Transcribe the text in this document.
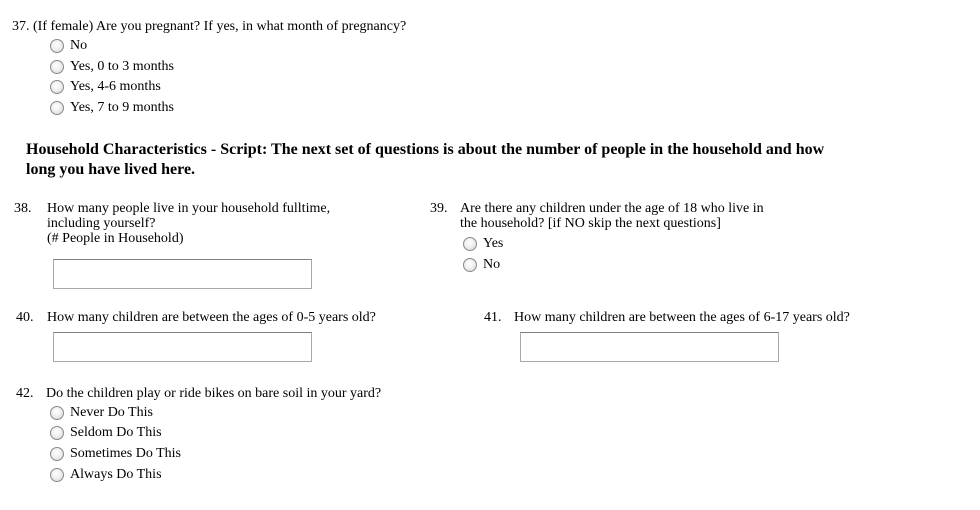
37. (If female) Are you pregnant? If yes, in what month of pregnancy?
No
Yes, 0 to 3 months
Yes, 4-6 months
Yes, 7 to 9 months
Household Characteristics - Script: The next set of questions is about the number of people in the household and how
long you have lived here.
38. How many people live in your household fulltime,
including yourself?
(# People in Household)
39. Are there any children under the age of 18 who live in
the household? [if NO skip the next questions]
Yes
No
40. How many children are between the ages of 0-5 years old?	41. How many children are between the ages of 6-17 years old?
42. Do the children play or ride bikes on bare soil in your yard?
Never Do This
Seldom Do This
Sometimes Do This
Always Do This
